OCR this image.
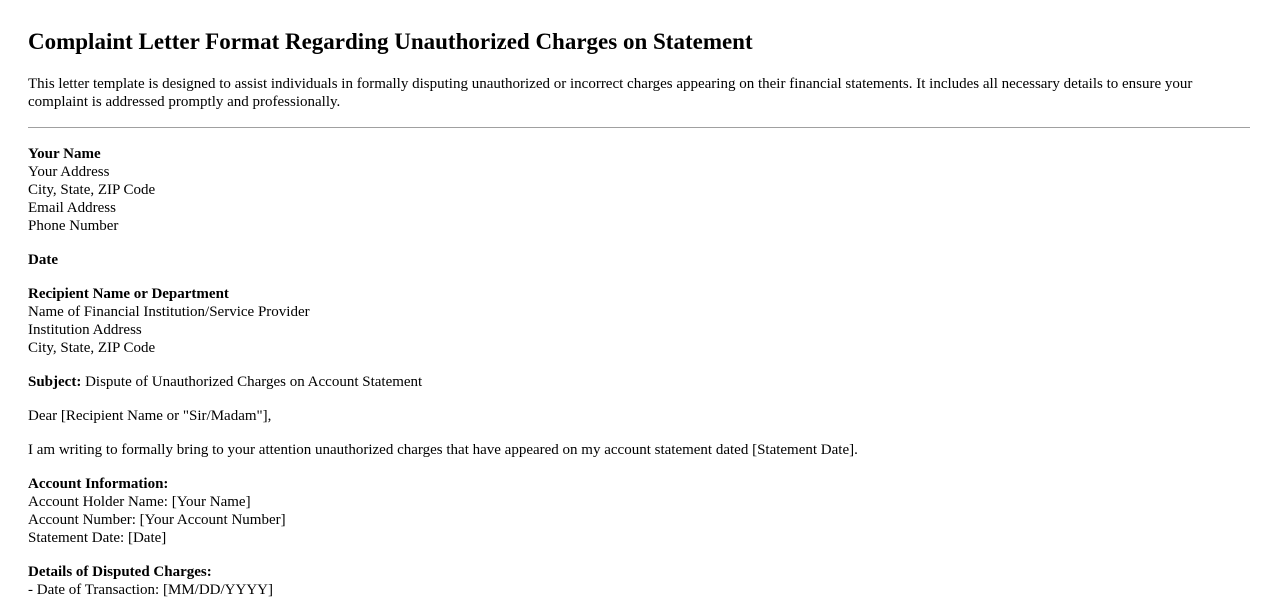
Complaint Letter Format Regarding Unauthorized Charges on Statement

This letter template is designed to assist individuals in formally disputing unauthorized or incorrect charges appearing on their financial statements. It includes all necessary details to ensure your complaint is addressed promptly and professionally.

Your Name
Your Address
City, State, ZIP Code
Email Address
Phone Number
Date
Recipient Name or Department
Name of Financial Institution/Service Provider
Institution Address
City, State, ZIP Code
Subject: Dispute of Unauthorized Charges on Account Statement
Dear [Recipient Name or "Sir/Madam"],
I am writing to formally bring to your attention unauthorized charges that have appeared on my account statement dated [Statement Date].
Account Information:
Account Holder Name: [Your Name]
Account Number: [Your Account Number]
Statement Date: [Date]
Details of Disputed Charges:
- Date of Transaction: [MM/DD/YYYY]
